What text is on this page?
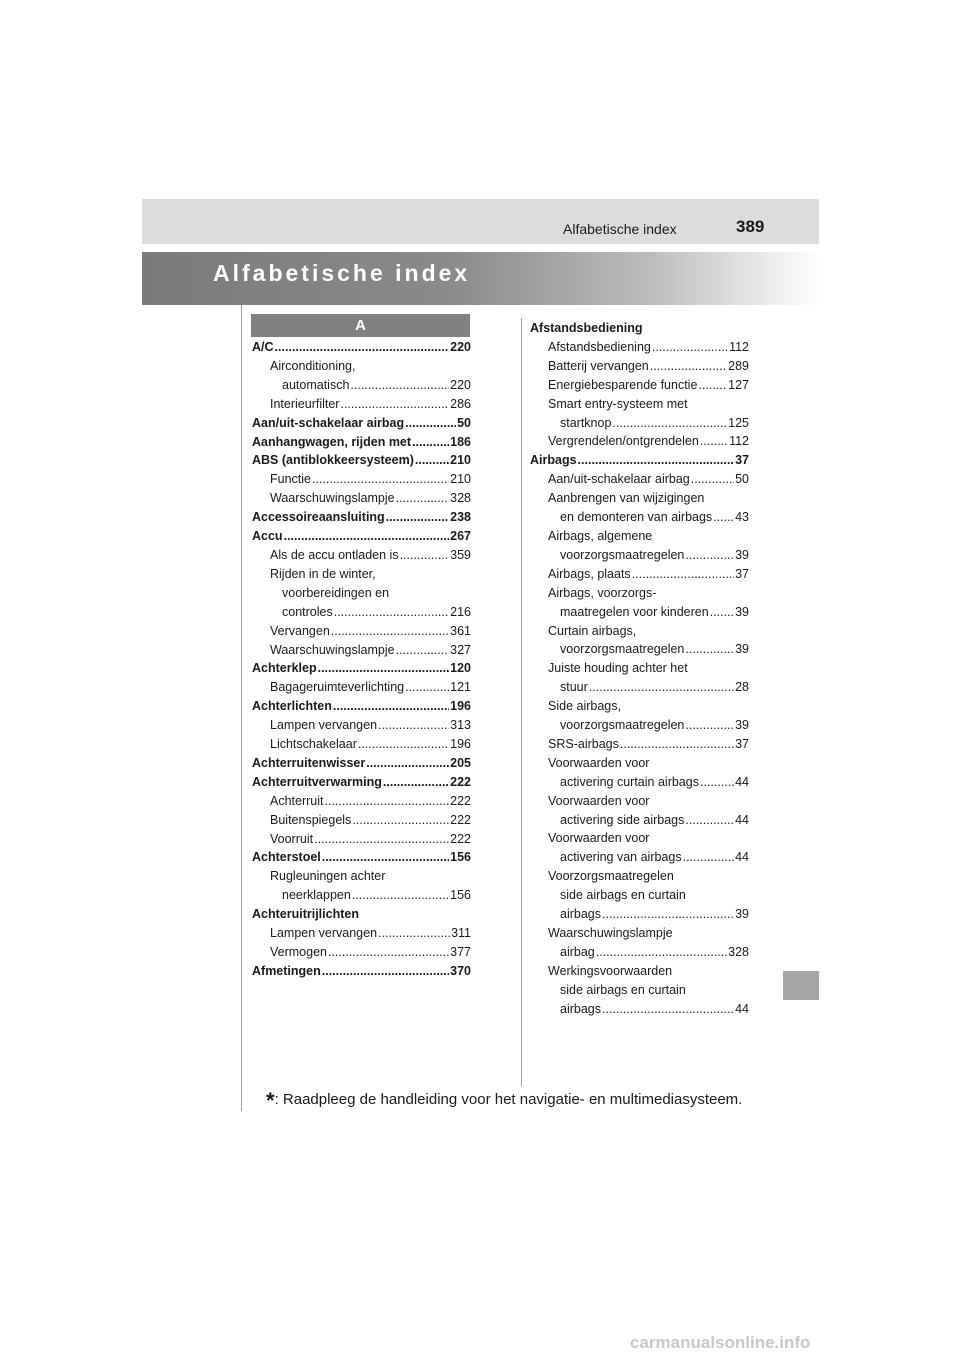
Alfabetische index	389
Alfabetische index
A
A/C .....	220
Airconditioning,
automatisch .....	220
Interieurfilter .....	286
Aan/uit-schakelaar airbag .....	50
Aanhangwagen, rijden met .....	186
ABS (antiblokkeersysteem) .....	210
Functie .....	210
Waarschuwingslampje .....	328
Accessoireaansluiting .....	238
Accu .....	267
Als de accu ontladen is .....	359
Rijden in de winter,
voorbereidingen en
controles .....	216
Vervangen .....	361
Waarschuwingslampje .....	327
Achterklep .....	120
Bagageruimteverlichting .....	121
Achterlichten .....	196
Lampen vervangen .....	313
Lichtschakelaar .....	196
Achterruitenwisser .....	205
Achterruitverwarming .....	222
Achterruit .....	222
Buitenspiegels .....	222
Voorruit .....	222
Achterstoel .....	156
Rugleuningen achter
neerklappen .....	156
Achteruitrijlichten
Lampen vervangen .....	311
Vermogen .....	377
Afmetingen .....	370
Afstandsbediening
Afstandsbediening .....	112
Batterij vervangen .....	289
Energiebesparende functie ..... 127
Smart entry-systeem met
startknop .....	125
Vergrendelen/ontgrendelen ..... 112
Airbags .....	37
Aan/uit-schakelaar airbag .....	50
Aanbrengen van wijzigingen
en demonteren van airbags ..... 43
Airbags, algemene
voorzorgsmaatregelen .....	39
Airbags, plaats .....	37
Airbags, voorzorgs-
maatregelen voor kinderen ..... 39
Curtain airbags,
voorzorgsmaatregelen .....	39
Juiste houding achter het
stuur .....	28
Side airbags,
voorzorgsmaatregelen .....	39
SRS-airbags .....	37
Voorwaarden voor
activering curtain airbags .....	44
Voorwaarden voor
activering side airbags .....	44
Voorwaarden voor
activering van airbags .....	44
Voorzorgsmaatregelen
side airbags en curtain
airbags .....	39
Waarschuwingslampje
airbag .....	328
Werkingsvoorwaarden
side airbags en curtain
airbags .....	44
*: Raadpleeg de handleiding voor het navigatie- en multimediasysteem.
carmanualsonline.info
